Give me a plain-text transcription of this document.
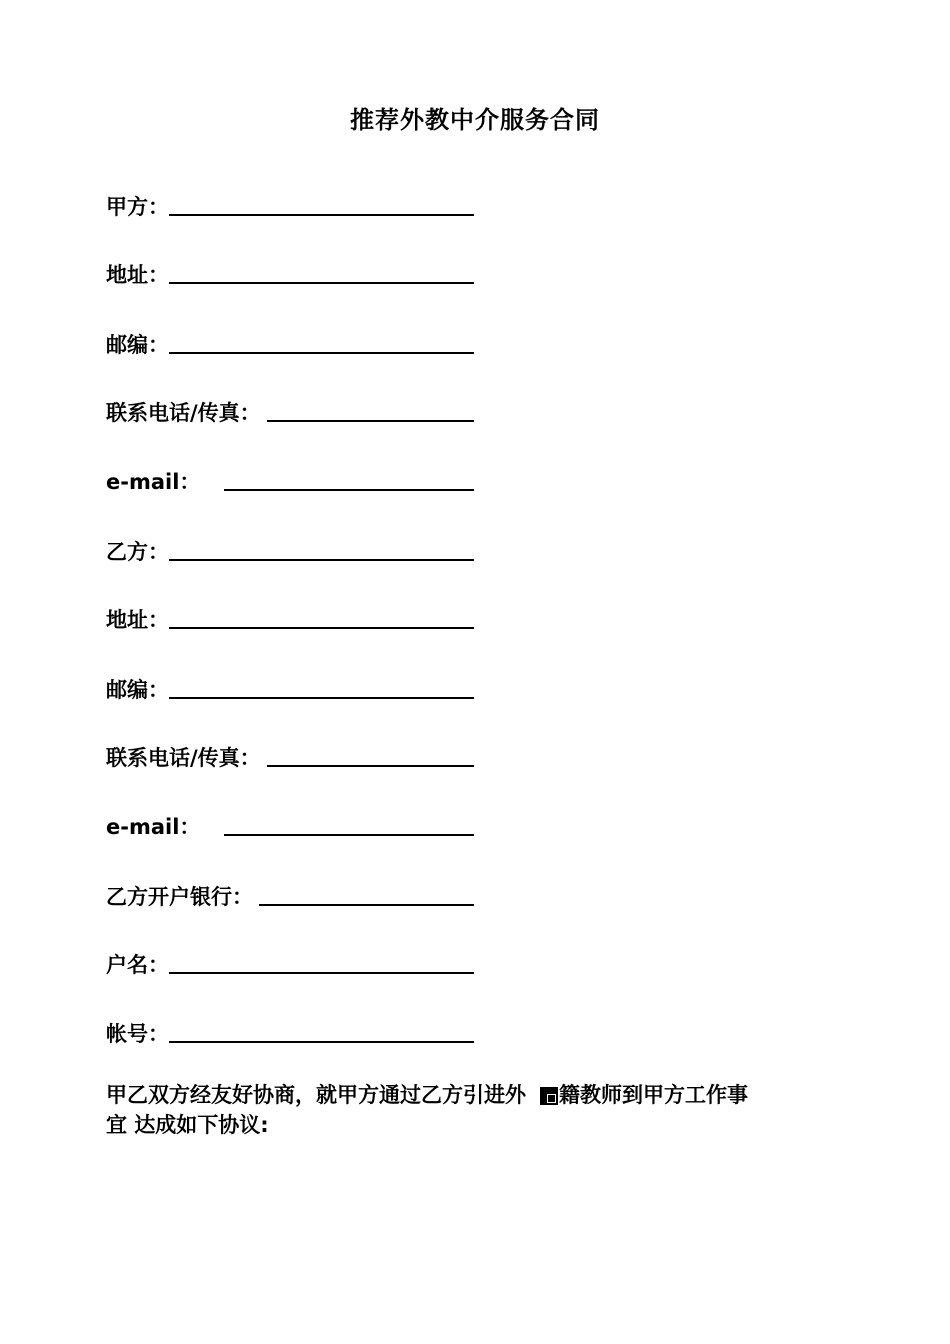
推荐外教中介服务合同
甲方：
地址：
邮编：
联系电话/传真：
e-mail：
乙方：
地址：
邮编：
联系电话/传真：
e-mail：
乙方开户银行：
户名：
帐号：
甲乙双方经友好协商，就甲方通过乙方引进外 籍教师到甲方工作事
宜 达成如下协议:
